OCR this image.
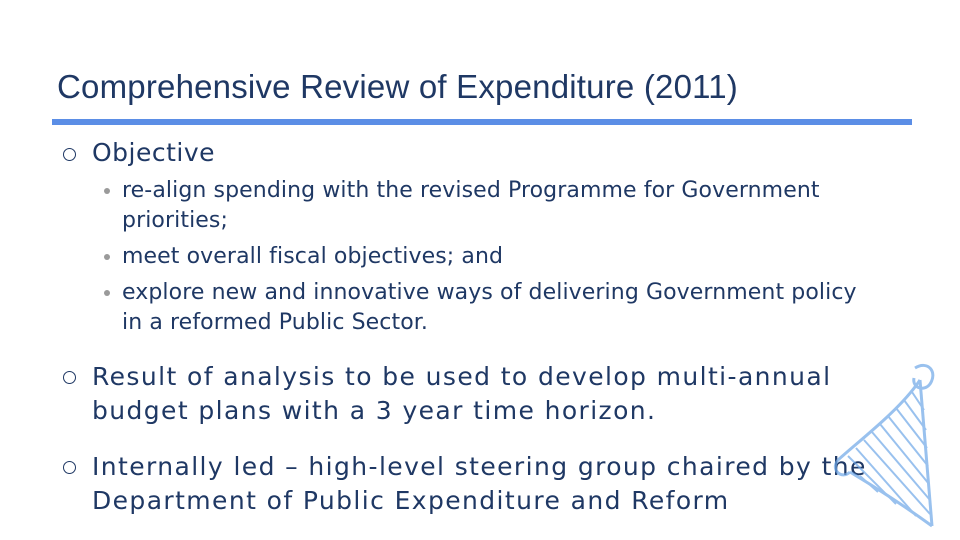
Comprehensive Review of Expenditure (2011)
Objective
re-align spending with the revised Programme for Government priorities;
meet overall fiscal objectives; and
explore new and innovative ways of delivering Government policy in a reformed Public Sector.
Result of analysis to be used to develop multi-annual budget plans with a 3 year time horizon.
Internally led – high-level steering group chaired by the Department of Public Expenditure and Reform
